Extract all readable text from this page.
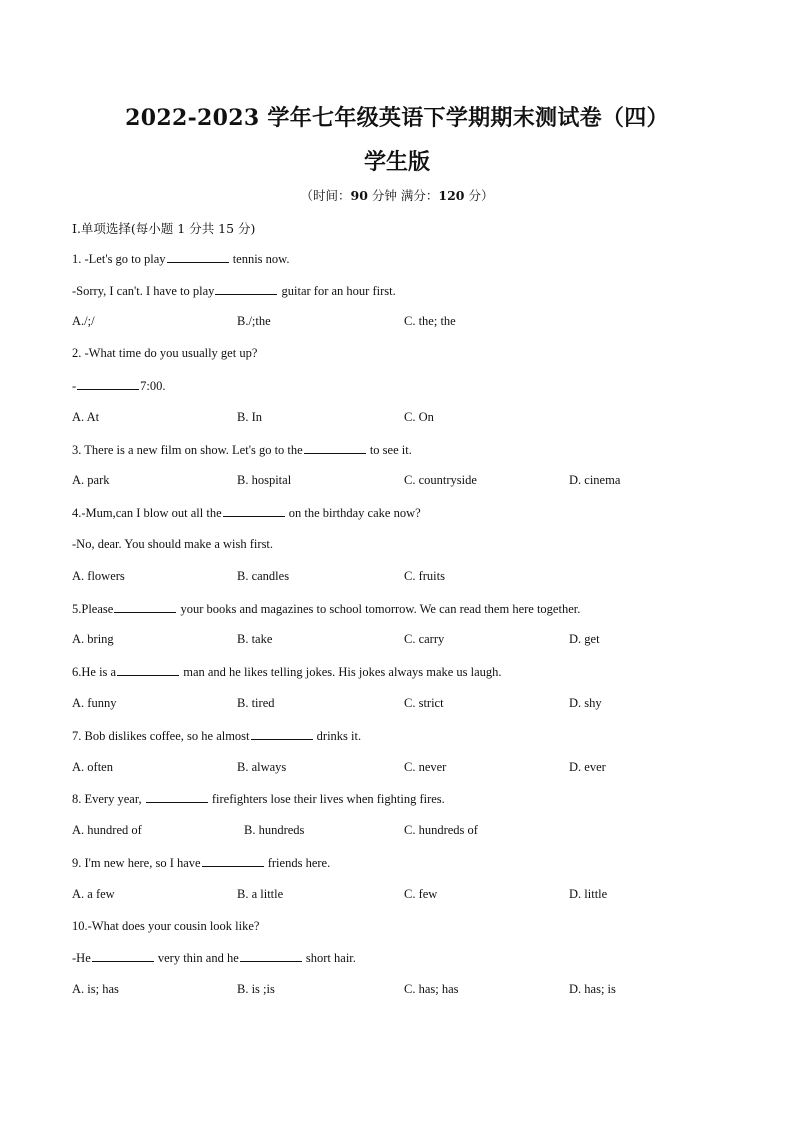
2022-2023 学年七年级英语下学期期末测试卷（四）
学生版
（时间：90 分钟 满分：120 分）
I.单项选择(每小题 1 分共 15 分)
1. -Let's go to play	tennis now.
-Sorry, I can't. I have to play	guitar for an hour first.
A./;/	B./;the	C. the; the
2. -What time do you usually get up?
-	7:00.
A. At	B. In	C. On
3. There is a new film on show. Let's go to the	to see it.
A. park	B. hospital	C. countryside	D. cinema
4.-Mum,can I blow out all the	on the birthday cake now?
-No, dear. You should make a wish first.
A. flowers	B. candles	C. fruits
5.Please	your books and magazines to school tomorrow. We can read them here together.
A. bring	B. take	C. carry	D. get
6.He is a	man and he likes telling jokes. His jokes always make us laugh.
A. funny	B. tired	C. strict	D. shy
7. Bob dislikes coffee, so he almost	drinks it.
A. often	B. always	C. never	D. ever
8. Every year,	firefighters lose their lives when fighting fires.
A. hundred of	B. hundreds	C. hundreds of
9. I'm new here, so I have	friends here.
A. a few	B. a little	C. few	D. little
10.-What does your cousin look like?
-He	very thin and he	short hair.
A. is; has	B. is ;is	C. has; has	D. has; is
